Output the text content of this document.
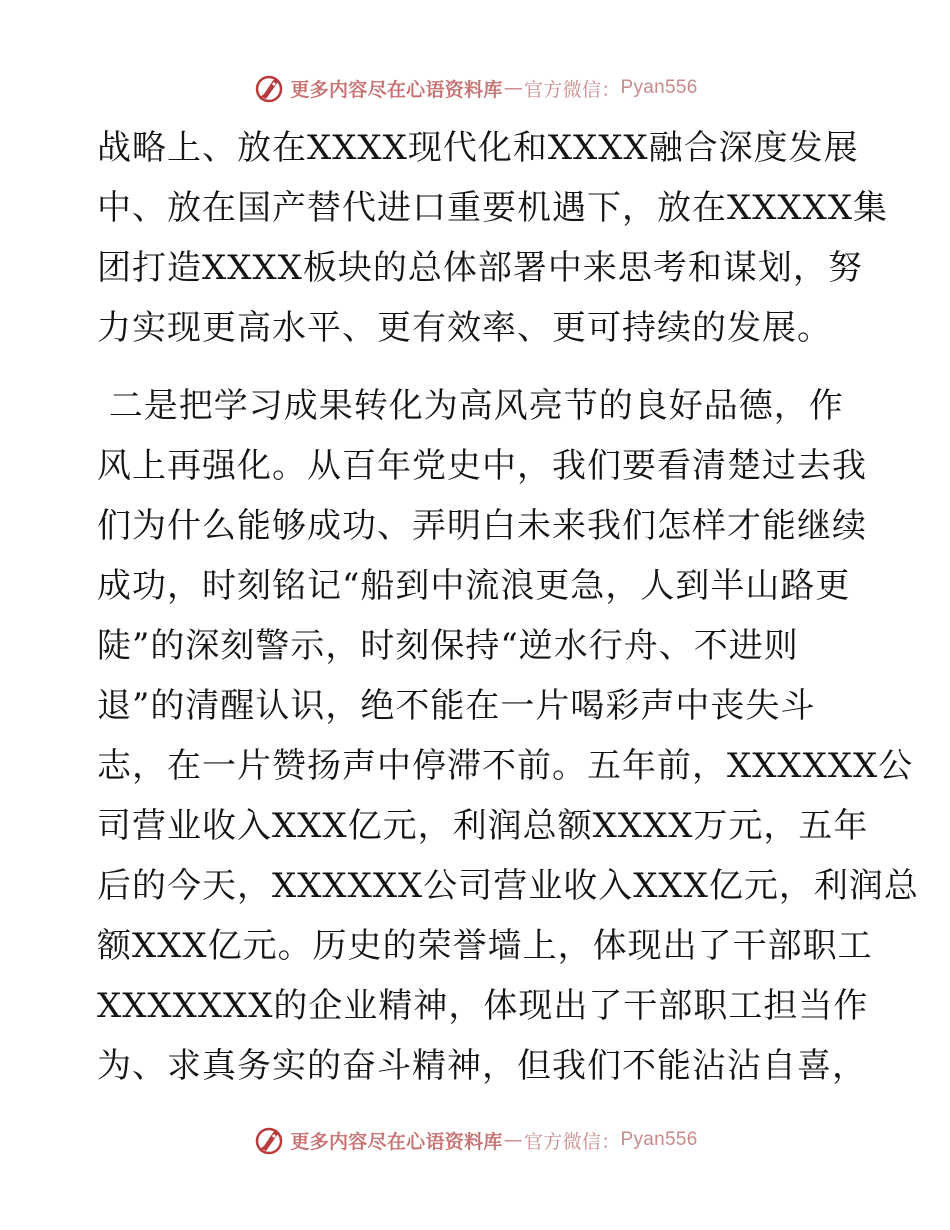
更多内容尽在心语资料库 — 官方微信： Pyan556
战略上、放在XXXX现代化和XXXX融合深度发展
中、放在国产替代进口重要机遇下，放在XXXXX集
团打造XXXX板块的总体部署中来思考和谋划，努
力实现更高水平、更有效率、更可持续的发展。
二是把学习成果转化为高风亮节的良好品德，作
风上再强化。从百年党史中，我们要看清楚过去我
们为什么能够成功、弄明白未来我们怎样才能继续
成功，时刻铭记“船到中流浪更急，人到半山路更
陡”的深刻警示，时刻保持“逆水行舟、不进则
退”的清醒认识，绝不能在一片喝彩声中丧失斗
志，在一片赞扬声中停滞不前。五年前，XXXXXX公
司营业收入XXX亿元，利润总额XXXX万元，五年
后的今天，XXXXXX公司营业收入XXX亿元，利润总
额XXX亿元。历史的荣誉墙上，体现出了干部职工
XXXXXXX的企业精神，体现出了干部职工担当作
为、求真务实的奋斗精神，但我们不能沾沾自喜，
更多内容尽在心语资料库 — 官方微信： Pyan556
